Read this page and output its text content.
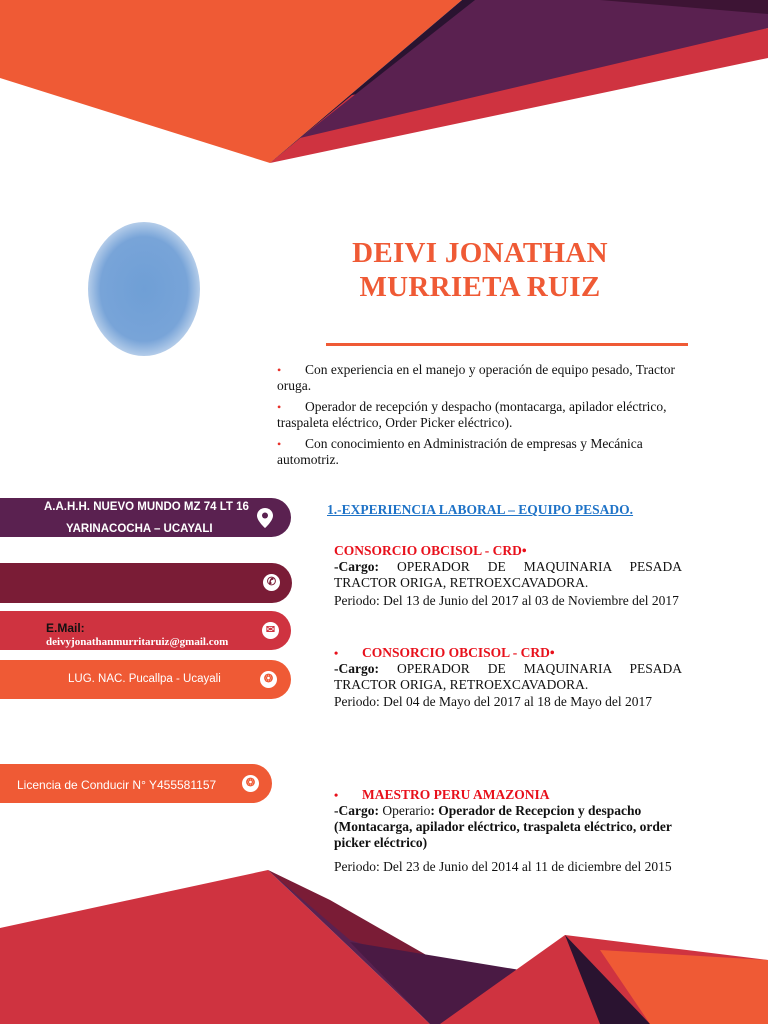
DEIVI JONATHAN
MURRIETA RUIZ
• Con experiencia en el manejo y operación de equipo pesado, Tractor oruga.
• Operador de recepción y despacho (montacarga, apilador eléctrico, traspaleta eléctrico, Order Picker eléctrico).
• Con conocimiento en Administración de empresas y Mecánica automotriz.
A.A.H.H. NUEVO MUNDO MZ 74 LT 16
YARINACOCHA – UCAYALI
✆
E.Mail:
deivyjonathanmurritaruiz@gmail.com
✉
LUG. NAC. Pucallpa - Ucayali	❂
Licencia de Conducir N° Y455581157	❂
1.-EXPERIENCIA LABORAL – EQUIPO PESADO.
CONSORCIO OBCISOL - CRD•
-Cargo: OPERADOR DE MAQUINARIA PESADA TRACTOR ORIGA, RETROEXCAVADORA.
Periodo: Del 13 de Junio del 2017 al 03 de Noviembre del 2017
• CONSORCIO OBCISOL - CRD•
-Cargo: OPERADOR DE MAQUINARIA PESADA TRACTOR ORIGA, RETROEXCAVADORA.
Periodo: Del 04 de Mayo del 2017 al 18 de Mayo del 2017
• MAESTRO PERU AMAZONIA
-Cargo: Operario: Operador de Recepcion y despacho (Montacarga, apilador eléctrico, traspaleta eléctrico, order picker eléctrico)
Periodo: Del 23 de Junio del 2014 al 11 de diciembre del 2015
